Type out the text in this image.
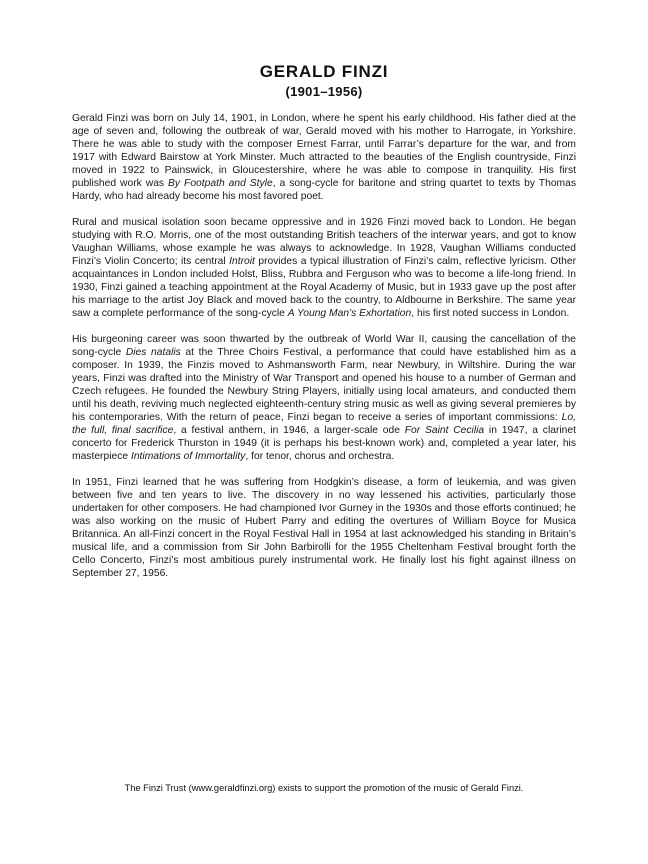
GERALD FINZI
(1901–1956)

Gerald Finzi was born on July 14, 1901, in London, where he spent his early childhood. His father died at the age of seven and, following the outbreak of war, Gerald moved with his mother to Harrogate, in Yorkshire. There he was able to study with the composer Ernest Farrar, until Farrar’s departure for the war, and from 1917 with Edward Bairstow at York Minster. Much attracted to the beauties of the English countryside, Finzi moved in 1922 to Painswick, in Gloucestershire, where he was able to compose in tranquility. His first published work was By Footpath and Style, a song-cycle for baritone and string quartet to texts by Thomas Hardy, who had already become his most favored poet.

Rural and musical isolation soon became oppressive and in 1926 Finzi moved back to London. He began studying with R.O. Morris, one of the most outstanding British teachers of the interwar years, and got to know Vaughan Williams, whose example he was always to acknowledge. In 1928, Vaughan Williams conducted Finzi’s Violin Concerto; its central Introit provides a typical illustration of Finzi’s calm, reflective lyricism. Other acquaintances in London included Holst, Bliss, Rubbra and Ferguson who was to become a life-long friend. In 1930, Finzi gained a teaching appointment at the Royal Academy of Music, but in 1933 gave up the post after his marriage to the artist Joy Black and moved back to the country, to Aldbourne in Berkshire. The same year saw a complete performance of the song-cycle A Young Man’s Exhortation, his first noted success in London.

His burgeoning career was soon thwarted by the outbreak of World War II, causing the cancellation of the song-cycle Dies natalis at the Three Choirs Festival, a performance that could have established him as a composer. In 1939, the Finzis moved to Ashmansworth Farm, near Newbury, in Wiltshire. During the war years, Finzi was drafted into the Ministry of War Transport and opened his house to a number of German and Czech refugees. He founded the Newbury String Players, initially using local amateurs, and conducted them until his death, reviving much neglected eighteenth-century string music as well as giving several premieres by his contemporaries. With the return of peace, Finzi began to receive a series of important commissions: Lo, the full, final sacrifice, a festival anthem, in 1946, a larger-scale ode For Saint Cecilia in 1947, a clarinet concerto for Frederick Thurston in 1949 (it is perhaps his best-known work) and, completed a year later, his masterpiece Intimations of Immortality, for tenor, chorus and orchestra.

In 1951, Finzi learned that he was suffering from Hodgkin’s disease, a form of leukemia, and was given between five and ten years to live. The discovery in no way lessened his activities, particularly those undertaken for other composers. He had championed Ivor Gurney in the 1930s and those efforts continued; he was also working on the music of Hubert Parry and editing the overtures of William Boyce for Musica Britannica. An all-Finzi concert in the Royal Festival Hall in 1954 at last acknowledged his standing in Britain’s musical life, and a commission from Sir John Barbirolli for the 1955 Cheltenham Festival brought forth the Cello Concerto, Finzi’s most ambitious purely instrumental work. He finally lost his fight against illness on September 27, 1956.

The Finzi Trust (www.geraldfinzi.org) exists to support the promotion of the music of Gerald Finzi.
